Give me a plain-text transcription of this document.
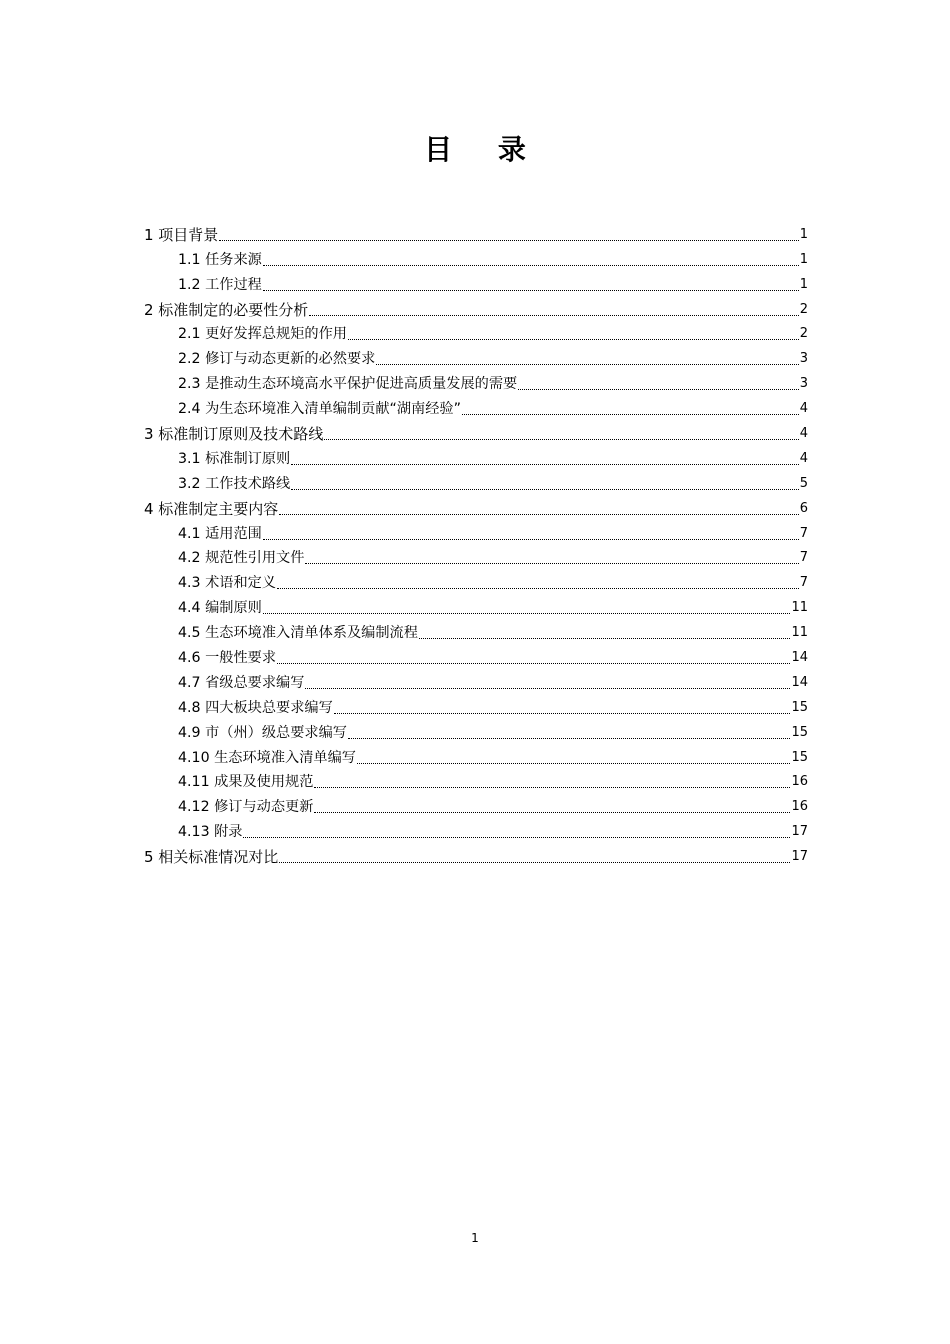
目 录
1 项目背景	1
1.1 任务来源	1
1.2 工作过程	1
2 标准制定的必要性分析	2
2.1 更好发挥总规矩的作用	2
2.2 修订与动态更新的必然要求	3
2.3 是推动生态环境高水平保护促进高质量发展的需要	3
2.4 为生态环境准入清单编制贡献“湖南经验”	4
3 标准制订原则及技术路线	4
3.1 标准制订原则	4
3.2 工作技术路线	5
4 标准制定主要内容	6
4.1 适用范围	7
4.2 规范性引用文件	7
4.3 术语和定义	7
4.4 编制原则	11
4.5 生态环境准入清单体系及编制流程	11
4.6 一般性要求	14
4.7 省级总要求编写	14
4.8 四大板块总要求编写	15
4.9 市（州）级总要求编写	15
4.10 生态环境准入清单编写	15
4.11 成果及使用规范	16
4.12 修订与动态更新	16
4.13 附录	17
5 相关标准情况对比	17
1
